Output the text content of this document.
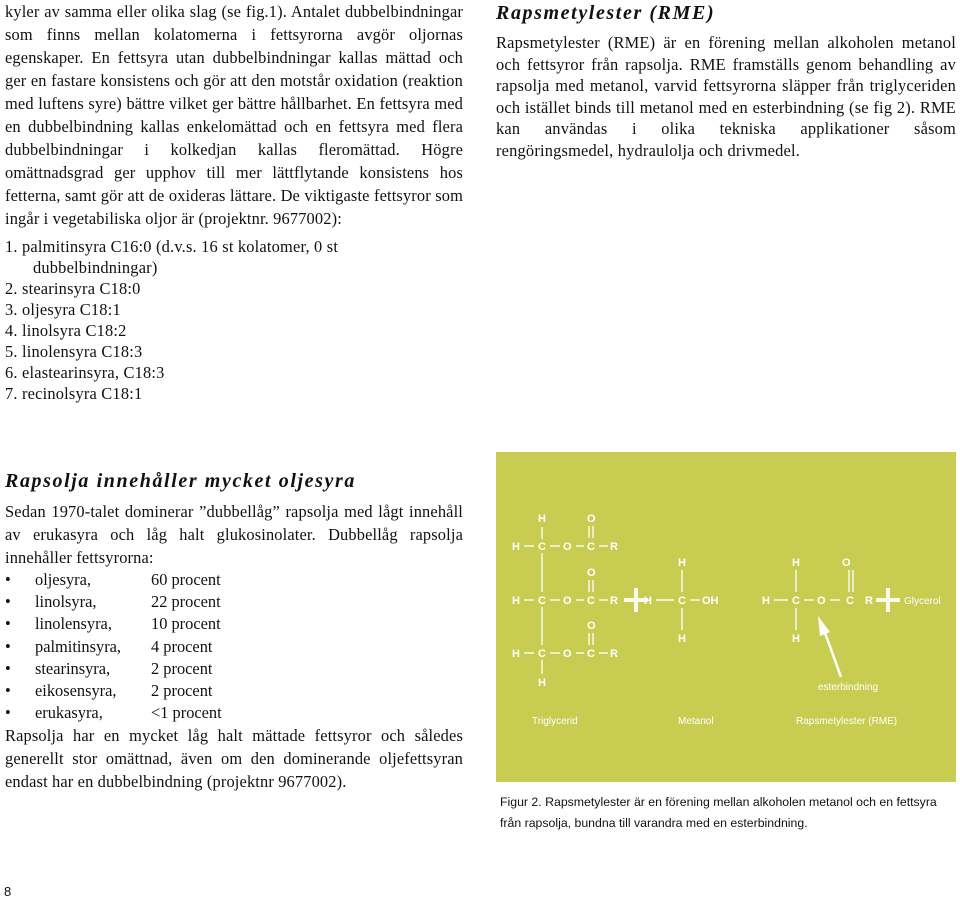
kyler av samma eller olika slag (se fig.1). Antalet dubbelbindningar som finns mellan kolatomerna i fettsyrorna avgör oljornas egenskaper. En fettsyra utan dubbelbindningar kallas mättad och ger en fastare konsistens och gör att den motstår oxidation (reaktion med luftens syre) bättre vilket ger bättre hållbarhet. En fettsyra med en dubbelbindning kallas enkelomättad och en fettsyra med flera dubbelbindningar i kolkedjan kallas fleromättad. Högre omättnadsgrad ger upphov till mer lättflytande konsistens hos fetterna, samt gör att de oxideras lättare. De viktigaste fettsyror som ingår i vegetabiliska oljor är (projektnr. 9677002):

1. palmitinsyra C16:0 (d.v.s. 16 st kolatomer, 0 st dubbelbindningar)
2. stearinsyra C18:0
3. oljesyra C18:1
4. linolsyra C18:2
5. linolensyra C18:3
6. elastearinsyra, C18:3
7. recinolsyra C18:1
Rapsolja innehåller mycket oljesyra

Sedan 1970-talet dominerar ”dubbellåg” rapsolja med lågt innehåll av erukasyra och låg halt glukosinolater. Dubbellåg rapsolja innehåller fettsyrorna:

•	oljesyra,	60 procent
•	linolsyra,	22 procent
•	linolensyra,	10 procent
•	palmitinsyra,	4 procent
•	stearinsyra,	2 procent
•	eikosensyra,	2 procent
•	erukasyra,	<1 procent

Rapsolja har en mycket låg halt mättade fettsyror och således generellt stor omättnad, även om den dominerande oljefettsyran endast har en dubbelbindning (projektnr 9677002).

Rapsmetylester (RME)

Rapsmetylester (RME) är en förening mellan alkoholen metanol och fettsyror från rapsolja. RME framställs genom behandling av rapsolja med metanol, varvid fettsyrorna släpper från triglyceriden och istället binds till metanol med en esterbindning (se fig 2). RME kan användas i olika tekniska applikationer såsom rengöringsmedel, hydraulolja och drivmedel.

H
C
C
C
H
H
H
H
O
O
O
C
C
C
O
O
O
R
R
R
H C OH
H
H
H C O C
O
H
H
R	Glycerol
esterbindning
Triglycerid	Metanol	Rapsmetylester (RME)
Figur 2. Rapsmetylester är en förening mellan alkoholen metanol och en fettsyra från rapsolja, bundna till varandra med en esterbindning.
8
